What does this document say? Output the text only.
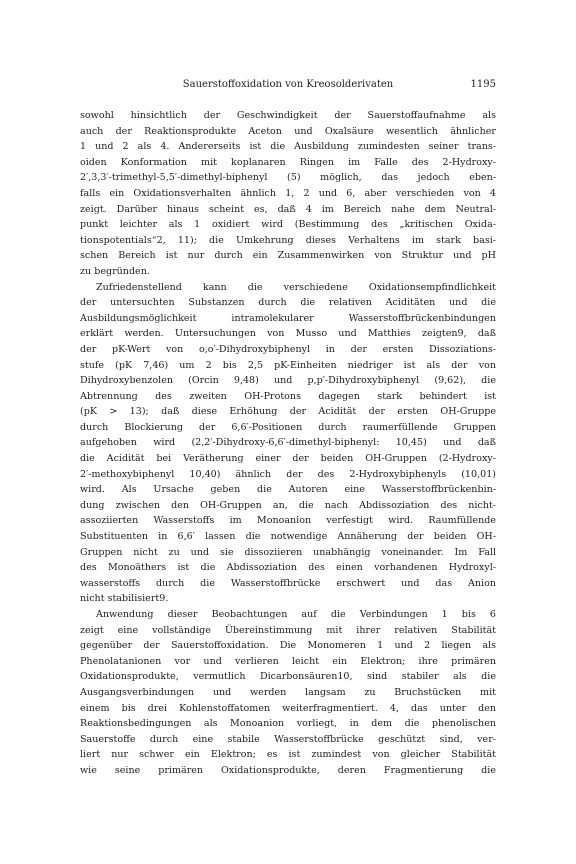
Sauerstoffoxidation von Kreosolderivaten	1195
sowohl hinsichtlich der Geschwindigkeit der Sauerstoffaufnahme als
auch der Reaktionsprodukte Aceton und Oxalsäure wesentlich ähnlicher
1 und 2 als 4. Andererseits ist die Ausbildung zumindesten seiner trans-
oiden Konformation mit koplanaren Ringen im Falle des 2-Hydroxy-
2′,3,3′-trimethyl-5,5′-dimethyl-biphenyl (5) möglich, das jedoch eben-
falls ein Oxidationsverhalten ähnlich 1, 2 und 6, aber verschieden von 4
zeigt. Darüber hinaus scheint es, daß 4 im Bereich nahe dem Neutral-
punkt leichter als 1 oxidiert wird (Bestimmung des „kritischen Oxida-
tionspotentials“2, 11); die Umkehrung dieses Verhaltens im stark basi-
schen Bereich ist nur durch ein Zusammenwirken von Struktur und pH
zu begründen.
Zufriedenstellend kann die verschiedene Oxidationsempfindlichkeit
der untersuchten Substanzen durch die relativen Aciditäten und die
Ausbildungsmöglichkeit intramolekularer Wasserstoffbrückenbindungen
erklärt werden. Untersuchungen von Musso und Matthies zeigten9, daß
der pK-Wert von o,o′-Dihydroxybiphenyl in der ersten Dissoziations-
stufe (pK 7,46) um 2 bis 2,5 pK-Einheiten niedriger ist als der von
Dihydroxybenzolen (Orcin 9,48) und p,p′-Dihydroxybiphenyl (9,62), die
Abtrennung des zweiten OH-Protons dagegen stark behindert ist
(pK > 13); daß diese Erhöhung der Acidität der ersten OH-Gruppe
durch Blockierung der 6,6′-Positionen durch raumerfüllende Gruppen
aufgehoben wird (2,2′-Dihydroxy-6,6′-dimethyl-biphenyl: 10,45) und daß
die Acidität bei Verätherung einer der beiden OH-Gruppen (2-Hydroxy-
2′-methoxybiphenyl 10,40) ähnlich der des 2-Hydroxybiphenyls (10,01)
wird. Als Ursache geben die Autoren eine Wasserstoffbrückenbin-
dung zwischen den OH-Gruppen an, die nach Abdissoziation des nicht-
assoziierten Wasserstoffs im Monoanion verfestigt wird. Raumfüllende
Substituenten in 6,6′ lassen die notwendige Annäherung der beiden OH-
Gruppen nicht zu und sie dissoziieren unabhängig voneinander. Im Fall
des Monoäthers ist die Abdissoziation des einen vorhandenen Hydroxyl-
wasserstoffs durch die Wasserstoffbrücke erschwert und das Anion
nicht stabilisiert9.
Anwendung dieser Beobachtungen auf die Verbindungen 1 bis 6
zeigt eine vollständige Übereinstimmung mit ihrer relativen Stabilität
gegenüber der Sauerstoffoxidation. Die Monomeren 1 und 2 liegen als
Phenolatanionen vor und verlieren leicht ein Elektron; ihre primären
Oxidationsprodukte, vermutlich Dicarbonsäuren10, sind stabiler als die
Ausgangsverbindungen und werden langsam zu Bruchstücken mit
einem bis drei Kohlenstoffatomen weiterfragmentiert. 4, das unter den
Reaktionsbedingungen als Monoanion vorliegt, in dem die phenolischen
Sauerstoffe durch eine stabile Wasserstoffbrücke geschützt sind, ver-
liert nur schwer ein Elektron; es ist zumindest von gleicher Stabilität
wie seine primären Oxidationsprodukte, deren Fragmentierung die
